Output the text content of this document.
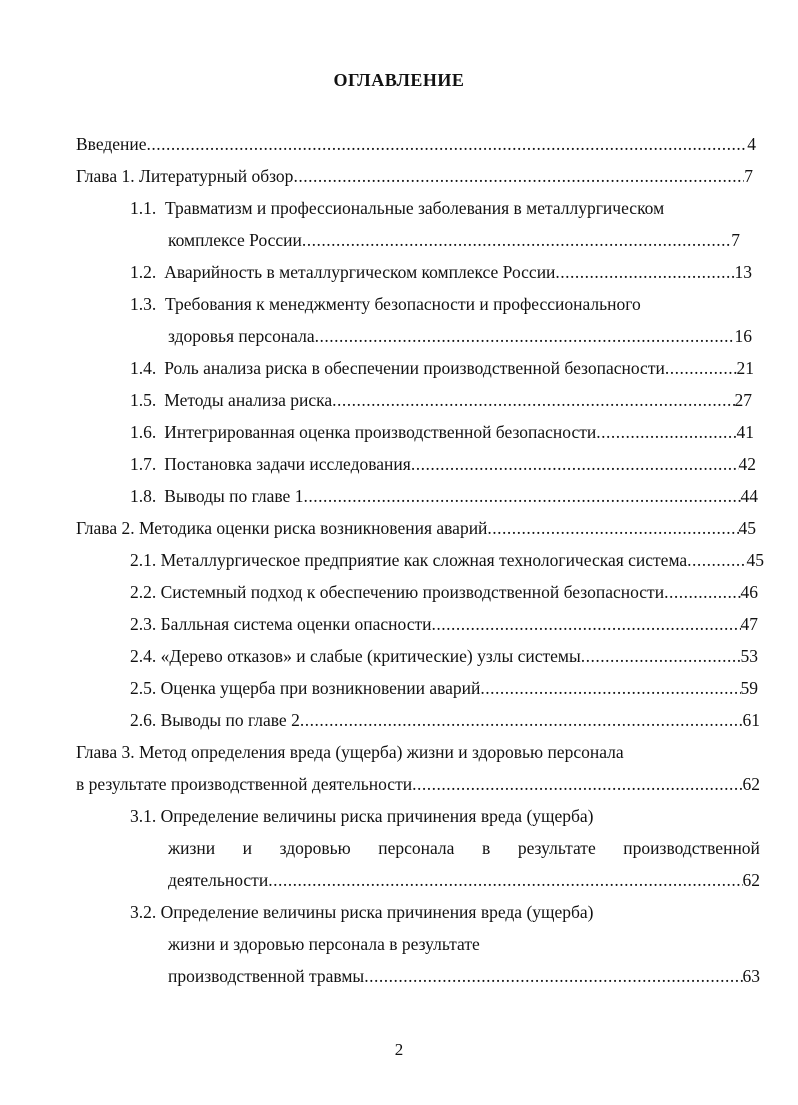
ОГЛАВЛЕНИЕ
Введение .....	4
Глава 1. Литературный обзор .....	7
1.1. Травматизм и профессиональные заболевания в металлургическом
комплексе России .....	7
1.2. Аварийность в металлургическом комплексе России .....	13
1.3. Требования к менеджменту безопасности и профессионального
здоровья персонала .....	16
1.4. Роль анализа риска в обеспечении производственной безопасности .....	21
1.5. Методы анализа риска .....	27
1.6. Интегрированная оценка производственной безопасности .....	41
1.7. Постановка задачи исследования .....	42
1.8. Выводы по главе 1 .....	44
Глава 2. Методика оценки риска возникновения аварий .....	45
2.1. Металлургическое предприятие как сложная технологическая система .....	45
2.2. Системный подход к обеспечению производственной безопасности .....	46
2.3. Балльная система оценки опасности .....	47
2.4. «Дерево отказов» и слабые (критические) узлы системы .....	53
2.5. Оценка ущерба при возникновении аварий .....	59
2.6. Выводы по главе 2 .....	61
Глава 3. Метод определения вреда (ущерба) жизни и здоровью персонала
в результате производственной деятельности .....	62
3.1. Определение величины риска причинения вреда (ущерба)
жизни и здоровью персонала в результате производственной
деятельности .....	62
3.2. Определение величины риска причинения вреда (ущерба)
жизни и здоровью персонала в результате
производственной травмы .....	63
2
